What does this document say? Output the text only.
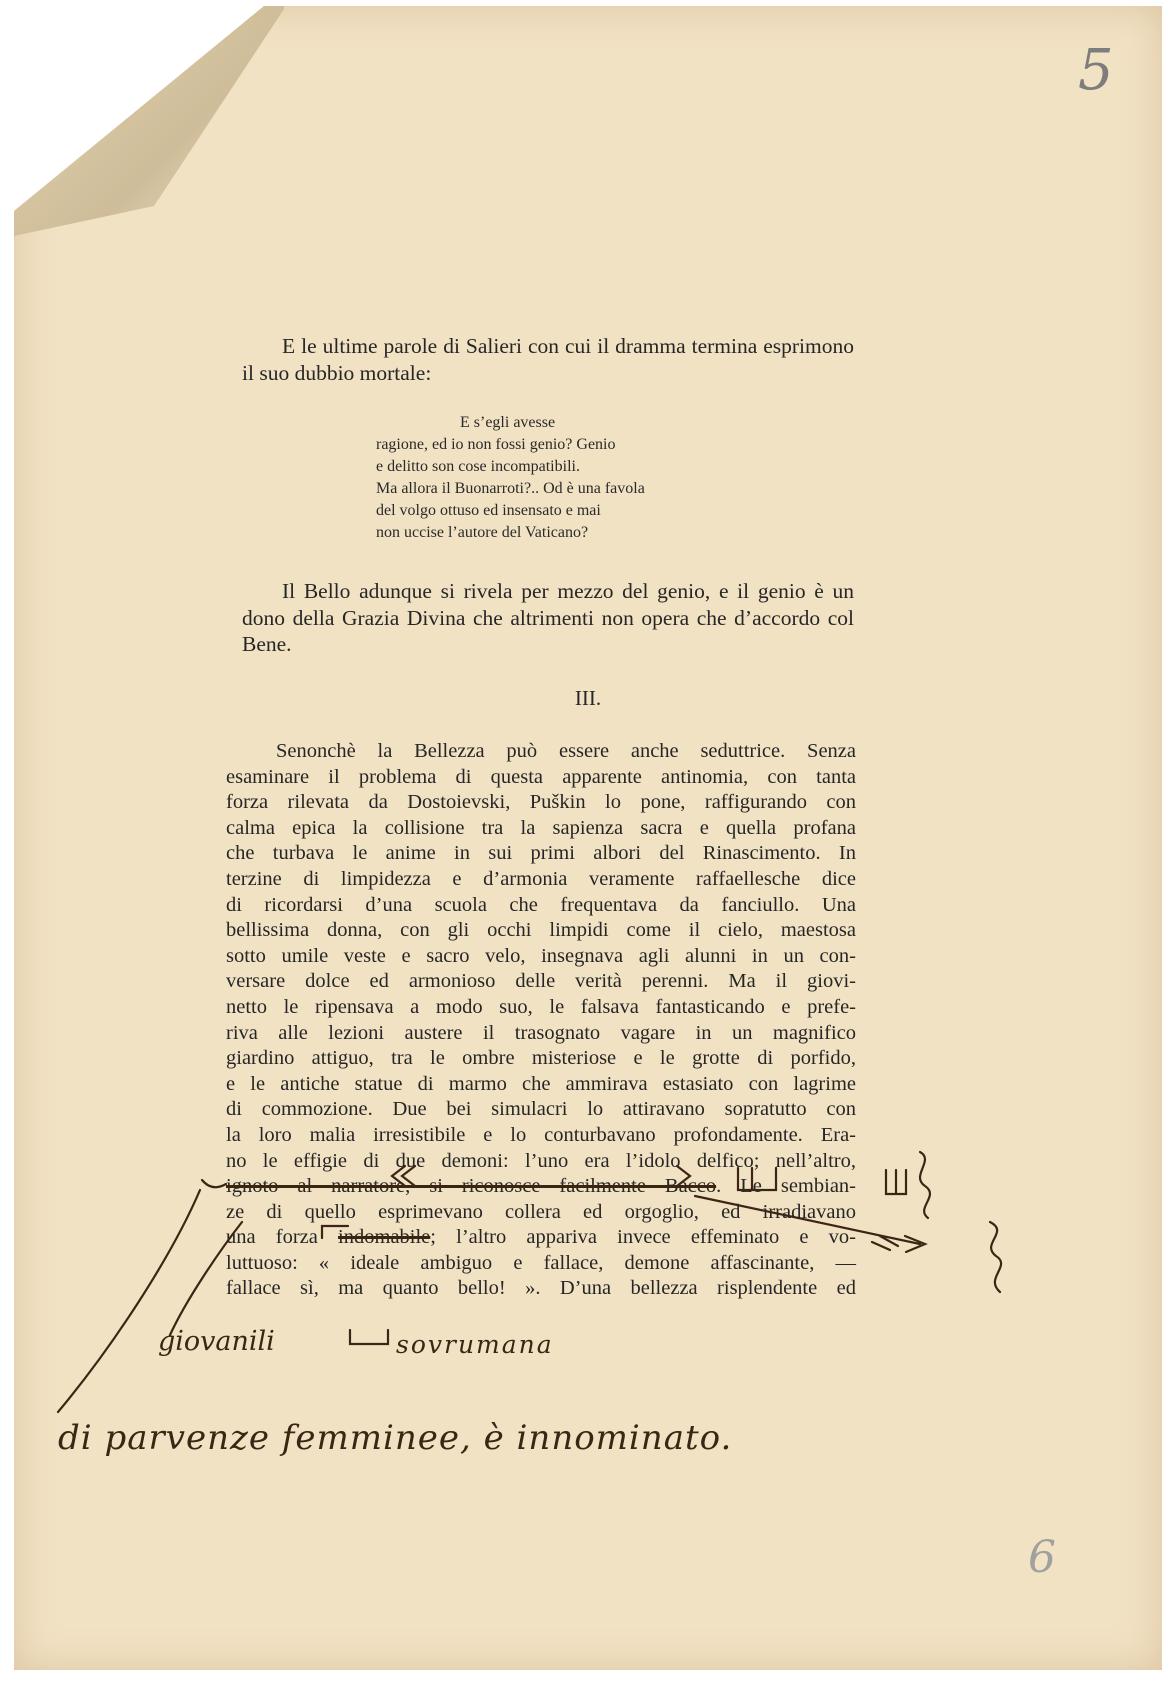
5
6

E le ultime parole di Salieri con cui il dramma termina esprimono il suo dubbio mortale:

E s’egli avesse
ragione, ed io non fossi genio? Genio
e delitto son cose incompatibili.
Ma allora il Buonarroti?.. Od è una favola
del volgo ottuso ed insensato e mai
non uccise l’autore del Vaticano?

Il Bello adunque si rivela per mezzo del genio, e il genio è un dono della Grazia Divina che altrimenti non opera che d’accordo col Bene.

III.
Senonchè la Bellezza può essere anche seduttrice. Senza
esaminare il problema di questa apparente antinomia, con tanta
forza rilevata da Dostoievski, Puškin lo pone, raffigurando con
calma epica la collisione tra la sapienza sacra e quella profana
che turbava le anime in sui primi albori del Rinascimento. In
terzine di limpidezza e d’armonia veramente raffaellesche dice
di ricordarsi d’una scuola che frequentava da fanciullo. Una
bellissima donna, con gli occhi limpidi come il cielo, maestosa
sotto umile veste e sacro velo, insegnava agli alunni in un con-
versare dolce ed armonioso delle verità perenni. Ma il giovi-
netto le ripensava a modo suo, le falsava fantasticando e prefe-
riva alle lezioni austere il trasognato vagare in un magnifico
giardino attiguo, tra le ombre misteriose e le grotte di porfido,
e le antiche statue di marmo che ammirava estasiato con lagrime
di commozione. Due bei simulacri lo attiravano sopratutto con
la loro malia irresistibile e lo conturbavano profondamente. Era-
no le effigie di due demoni: l’uno era l’idolo delfico; nell’altro,
ignoto al narratore, si riconosce facilmente Bacco. Le sembian-
ze di quello esprimevano collera ed orgoglio, ed irradiavano
una forza indomabile; l’altro appariva invece effeminato e vo-
luttuoso: « ideale ambiguo e fallace, demone affascinante, —
fallace sì, ma quanto bello! ». D’una bellezza risplendente ed
giovanili	sovrumana
di parvenze femminee, è innominato.
